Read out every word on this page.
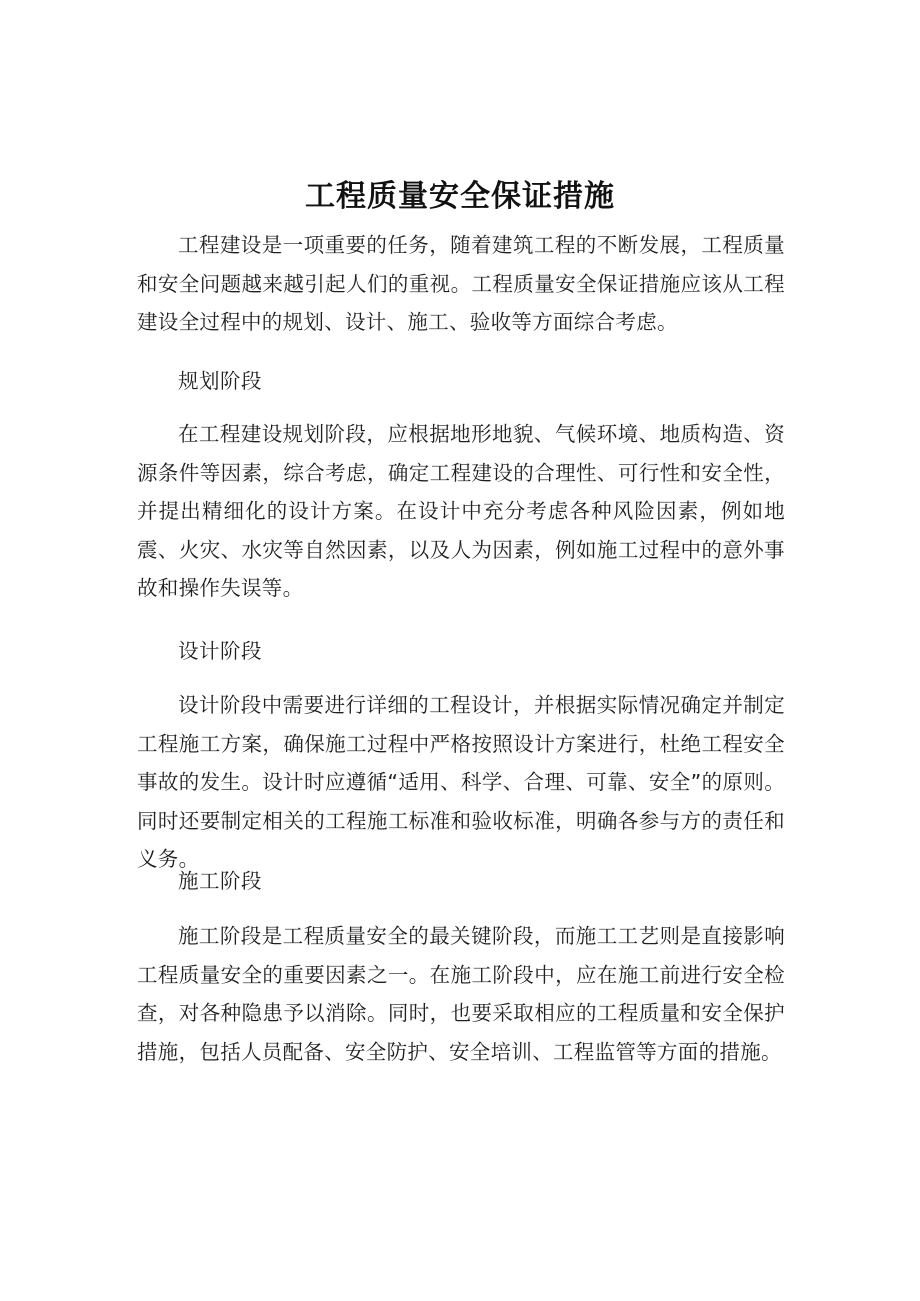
工程质量安全保证措施

工程建设是一项重要的任务，随着建筑工程的不断发展，工程质量和安全问题越来越引起人们的重视。工程质量安全保证措施应该从工程建设全过程中的规划、设计、施工、验收等方面综合考虑。

规划阶段

在工程建设规划阶段，应根据地形地貌、气候环境、地质构造、资源条件等因素，综合考虑，确定工程建设的合理性、可行性和安全性，并提出精细化的设计方案。在设计中充分考虑各种风险因素，例如地震、火灾、水灾等自然因素，以及人为因素，例如施工过程中的意外事故和操作失误等。

设计阶段

设计阶段中需要进行详细的工程设计，并根据实际情况确定并制定工程施工方案，确保施工过程中严格按照设计方案进行，杜绝工程安全事故的发生。设计时应遵循“适用、科学、合理、可靠、安全”的原则。同时还要制定相关的工程施工标准和验收标准，明确各参与方的责任和义务。

施工阶段

施工阶段是工程质量安全的最关键阶段，而施工工艺则是直接影响工程质量安全的重要因素之一。在施工阶段中，应在施工前进行安全检查，对各种隐患予以消除。同时，也要采取相应的工程质量和安全保护措施，包括人员配备、安全防护、安全培训、工程监管等方面的措施。
